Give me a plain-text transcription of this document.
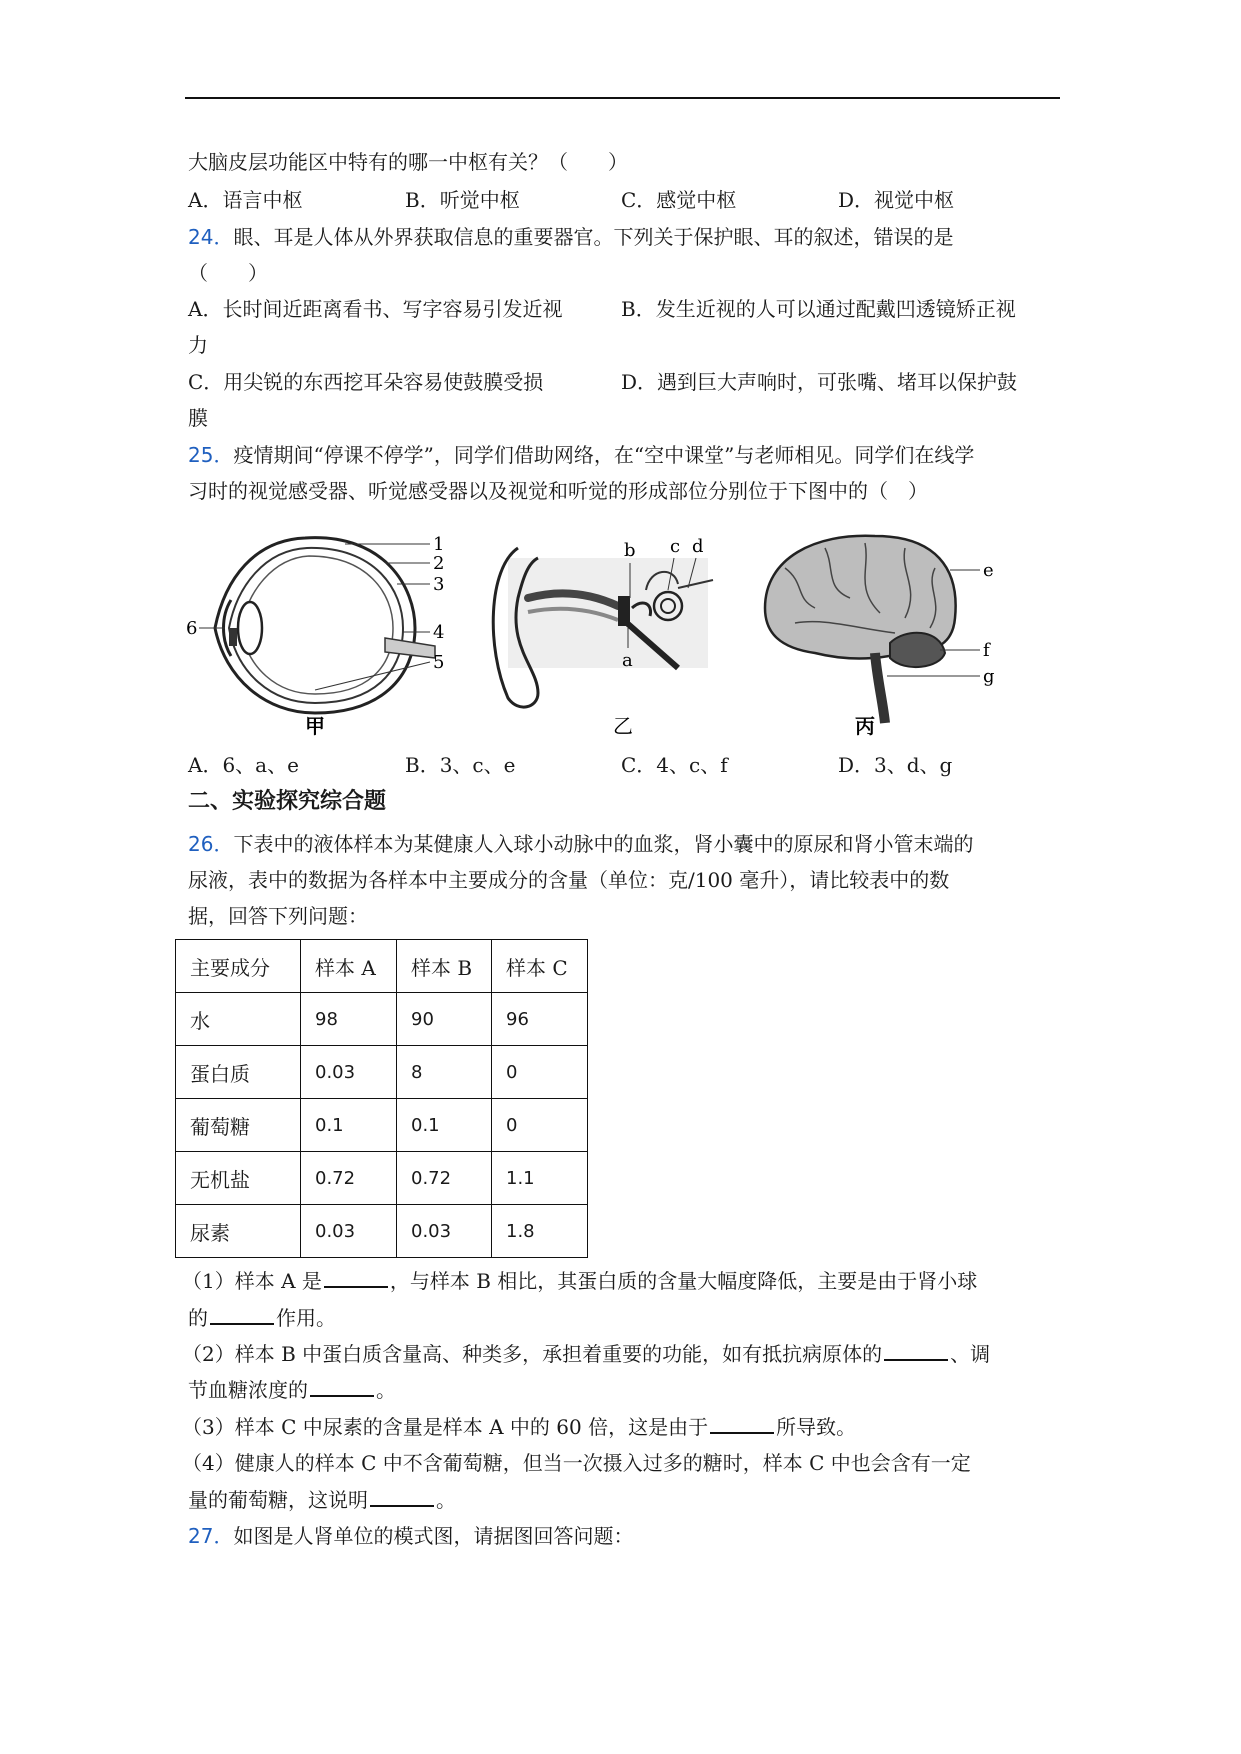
大脑皮层功能区中特有的哪一中枢有关？（　　）
A．语言中枢	B．听觉中枢	C．感觉中枢	D．视觉中枢
24．眼、耳是人体从外界获取信息的重要器官。下列关于保护眼、耳的叙述，错误的是
（　　）
A．长时间近距离看书、写字容易引发近视	B．发生近视的人可以通过配戴凹透镜矫正视
力
C．用尖锐的东西挖耳朵容易使鼓膜受损	D．遇到巨大声响时，可张嘴、堵耳以保护鼓
膜
25．疫情期间“停课不停学”，同学们借助网络，在“空中课堂”与老师相见。同学们在线学
习时的视觉感受器、听觉感受器以及视觉和听觉的形成部位分别位于下图中的（　）
1
2
3
4
5
6
甲
b c d
a
乙
e
f
g
丙
A．6、a、e	B．3、c、e	C．4、c、f	D．3、d、g
二、实验探究综合题
26．下表中的液体样本为某健康人入球小动脉中的血浆，肾小囊中的原尿和肾小管末端的
尿液，表中的数据为各样本中主要成分的含量（单位：克/100 毫升），请比较表中的数
据，回答下列问题：
主要成分	样本 A	样本 B	样本 C
水	98	90	96
蛋白质	0.03	8	0
葡萄糖	0.1	0.1	0
无机盐	0.72	0.72	1.1
尿素	0.03	0.03	1.8
（1）样本 A 是	，与样本 B 相比，其蛋白质的含量大幅度降低，主要是由于肾小球
的	作用。
（2）样本 B 中蛋白质含量高、种类多，承担着重要的功能，如有抵抗病原体的	、调
节血糖浓度的	。
（3）样本 C 中尿素的含量是样本 A 中的 60 倍，这是由于	所导致。
（4）健康人的样本 C 中不含葡萄糖，但当一次摄入过多的糖时，样本 C 中也会含有一定
量的葡萄糖，这说明	。
27．如图是人肾单位的模式图，请据图回答问题：
